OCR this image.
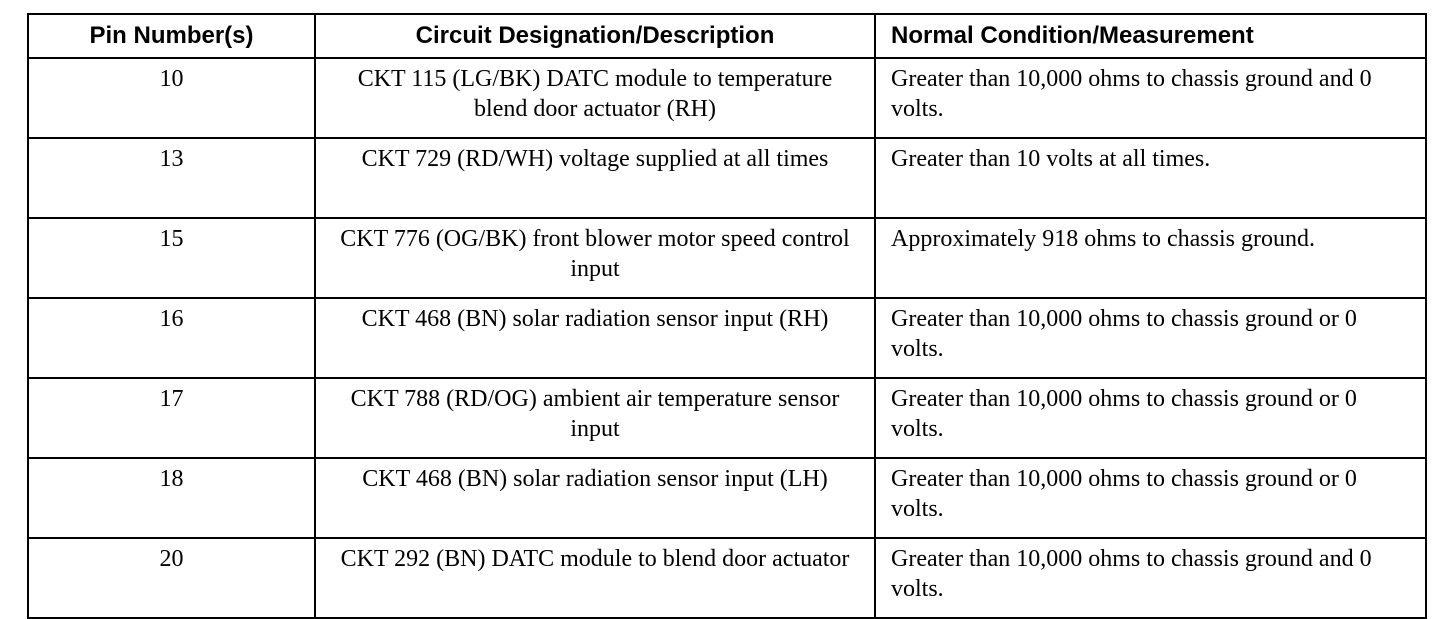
Pin Number(s)	Circuit Designation/Description	Normal Condition/Measurement
10	CKT 115 (LG/BK) DATC module to temperature blend door actuator (RH)	Greater than 10,000 ohms to chassis ground and 0 volts.
13	CKT 729 (RD/WH) voltage supplied at all times	Greater than 10 volts at all times.
15	CKT 776 (OG/BK) front blower motor speed control input	Approximately 918 ohms to chassis ground.
16	CKT 468 (BN) solar radiation sensor input (RH)	Greater than 10,000 ohms to chassis ground or 0 volts.
17	CKT 788 (RD/OG) ambient air temperature sensor input	Greater than 10,000 ohms to chassis ground or 0 volts.
18	CKT 468 (BN) solar radiation sensor input (LH)	Greater than 10,000 ohms to chassis ground or 0 volts.
20	CKT 292 (BN) DATC module to blend door actuator	Greater than 10,000 ohms to chassis ground and 0 volts.
